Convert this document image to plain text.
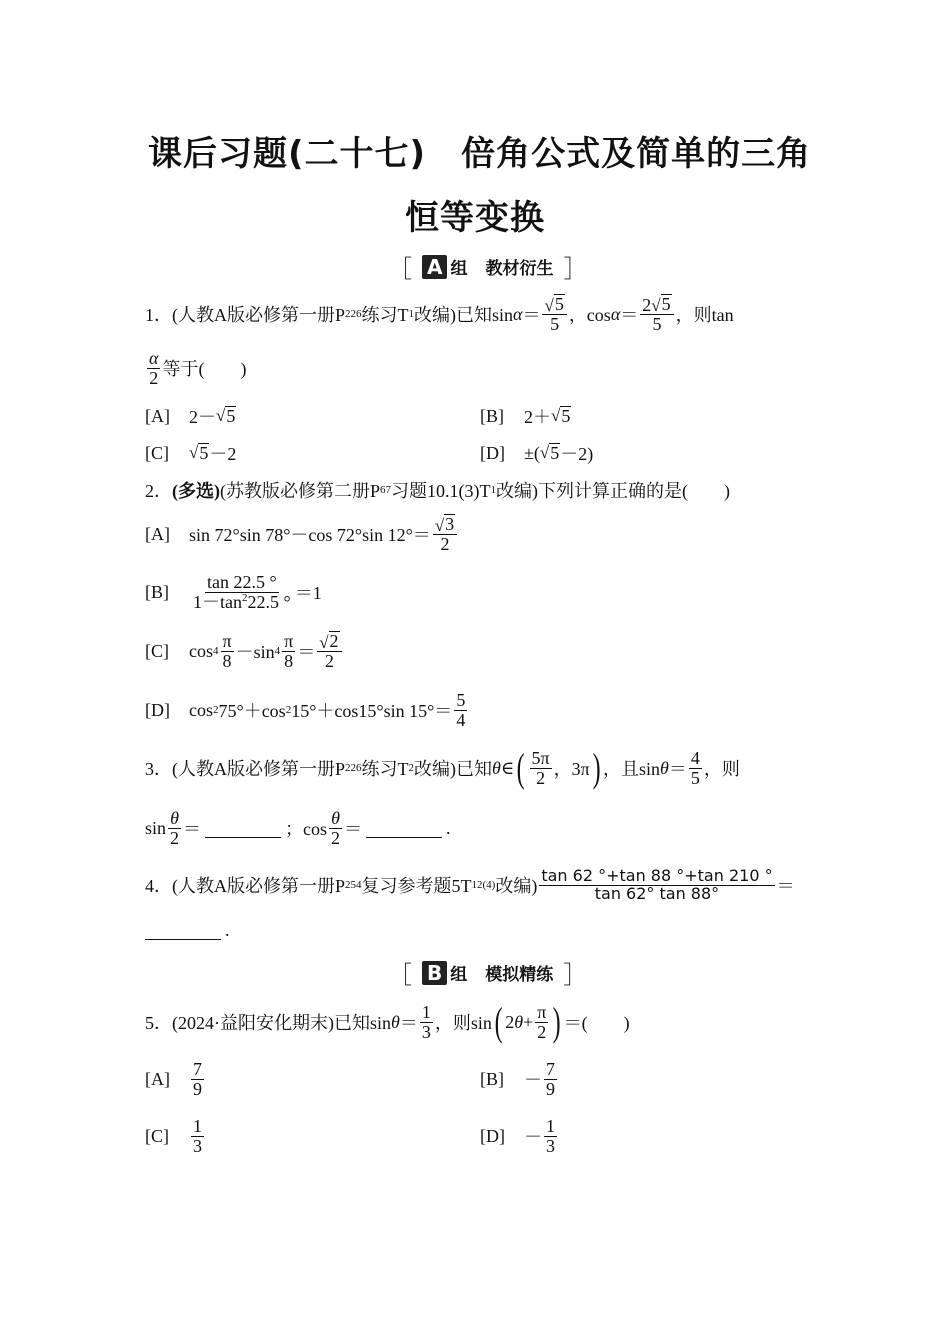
课后习题(二十七)　倍角公式及简单的三角
恒等变换
［ A 组 教材衍生 ］
1． (人教A版必修第一册P 226 练习T 1 改编)已知$\sin \alpha = \frac{√ 5}{5}$ ，$\cos \alpha = \frac{2 √ 5}{5}$ ，则tan
$\frac{\alpha}{2}$ 等于(　　)
[A]	2－ √ 5	[B]	2＋ √ 5
[C]	√ 5 －2	[D]	±( √ 5 －2)
2． (多选) (苏教版必修第二册P 67 习题10.1(3)T 1 改编)下列计算正确的是(　　)
[A]	sin 72°sin 78°－cos 72°sin $12^\circ= \frac{√ 3}{2}$
[B]	$\frac{\tan 22.5 ^\circ}{1-\tan^222.5 ^\circ} =1$
[C]	$\cos 4 \frac{\pi}{8} -\sin$ $4 \frac{\pi}{8} = \frac{√ 2}{2}$
[D]	cos 2 75°＋cos 2 15°＋cos15°sin $15^\circ= \frac{5}{4}$
3． (人教A版必修第一册P 226 练习T 2 改编)已知 θ ∈ ( $\frac{5\pi}{2}$ ，3π ) ，且$\sin \theta = \frac{4}{5}$ ，则
$\sin \frac{\theta}{2}$ ＝	；$\cos \frac{\theta}{2}$ ＝	.
4． (人教A版必修第一册P 254 复习参考题5T 12(4) 改编) $\frac{\tan 62 ^\circ+\tan 88 ^\circ+\tan 210 ^\circ}{\tan 62^\circ \tan 88^\circ}$ ＝
.
［ B 组 模拟精练 ］
5． (2024·益阳安化期末)已知$\sin \theta = \frac{1}{3}$ ，则sin ( 2 $\theta + \frac{\pi}{2}$ ) ＝(　　)
[A]	$\frac{7}{9}$	[B]	－ $\frac{7}{9}$
[C]	$\frac{1}{3}$	[D]	－ $\frac{1}{3}$
